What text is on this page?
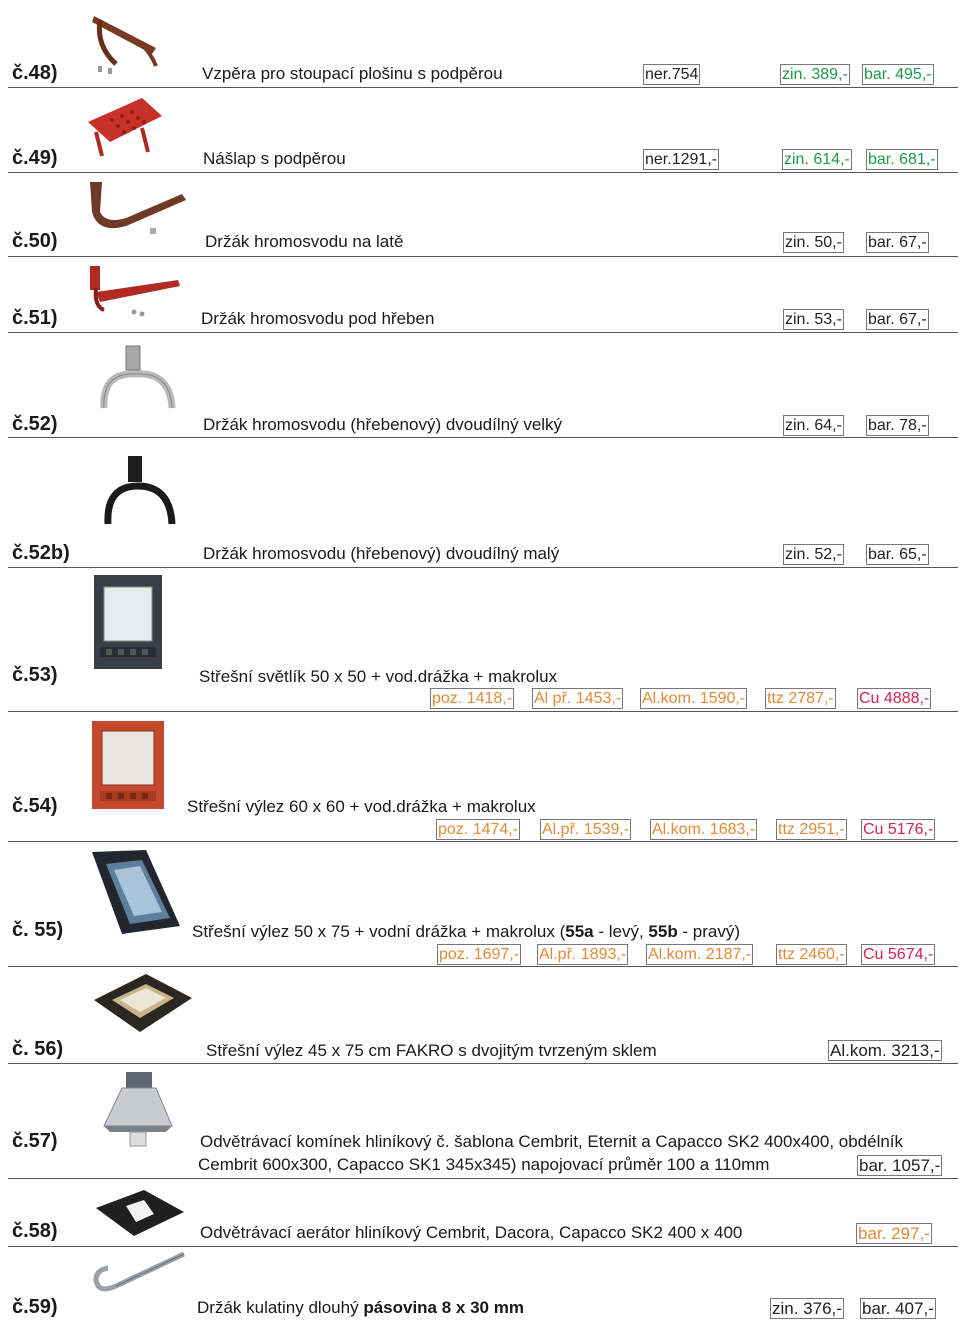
č.48)	Vzpěra pro stoupací plošinu s podpěrou	ner.754	zin. 389,- bar. 495,-
č.49)	Nášlap s podpěrou	ner.1291,-	zin. 614,- bar. 681,-
č.50)	Držák hromosvodu na latě	zin. 50,- bar. 67,-
č.51)	Držák hromosvodu pod hřeben	zin. 53,- bar. 67,-
č.52)	Držák hromosvodu (hřebenový) dvoudílný velký	zin. 64,- bar. 78,-
č.52b)	Držák hromosvodu (hřebenový) dvoudílný malý	zin. 52,- bar. 65,-
č.53)	Střešní světlík 50 x 50 + vod.drážka + makrolux
poz. 1418,- Al př. 1453,- Al.kom. 1590,- ttz 2787,- Cu 4888,-
č.54)	Střešní výlez 60 x 60 + vod.drážka + makrolux
poz. 1474,- Al.př. 1539,- Al.kom. 1683,- ttz 2951,- Cu 5176,-
č. 55)	Střešní výlez 50 x 75 + vodní drážka + makrolux (55a - levý, 55b - pravý)
poz. 1697,- Al.př. 1893,- Al.kom. 2187,- ttz 2460,- Cu 5674,-
č. 56)	Střešní výlez 45 x 75 cm FAKRO s dvojitým tvrzeným sklem	Al.kom. 3213,-
č.57)	Odvětrávací komínek hliníkový č. šablona Cembrit, Eternit a Capacco SK2 400x400, obdélník
Cembrit 600x300, Capacco SK1 345x345) napojovací průměr 100 a 110mm	bar. 1057,-
č.58)	Odvětrávací aerátor hliníkový Cembrit, Dacora, Capacco SK2 400 x 400	bar. 297,-
č.59)	Držák kulatiny dlouhý pásovina 8 x 30 mm	zin. 376,- bar. 407,-
